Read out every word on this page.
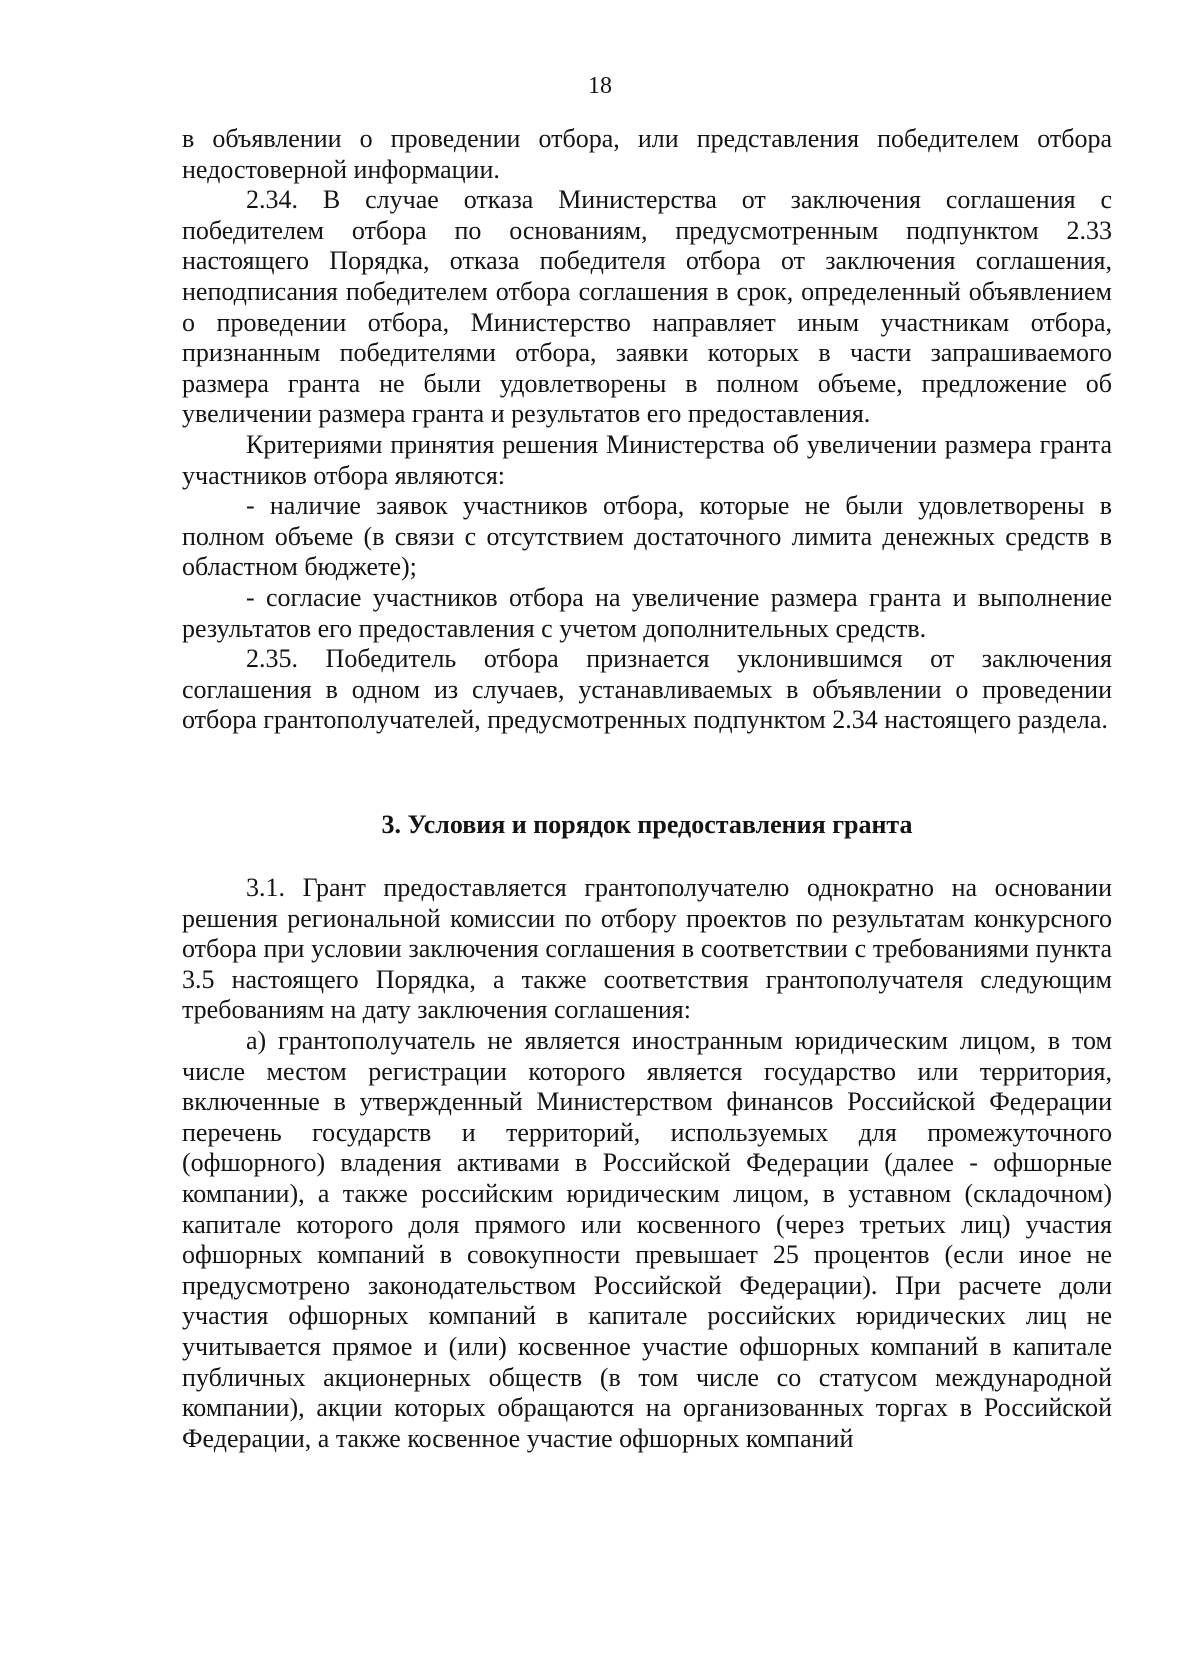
18

в объявлении о проведении отбора, или представления победителем отбора недостоверной информации.

2.34. В случае отказа Министерства от заключения соглашения с победителем отбора по основаниям, предусмотренным подпунктом 2.33 настоящего Порядка, отказа победителя отбора от заключения соглашения, неподписания победителем отбора соглашения в срок, определенный объявлением о проведении отбора, Министерство направляет иным участникам отбора, признанным победителями отбора, заявки которых в части запрашиваемого размера гранта не были удовлетворены в полном объеме, предложение об увеличении размера гранта и результатов его предоставления.

Критериями принятия решения Министерства об увеличении размера гранта участников отбора являются:

- наличие заявок участников отбора, которые не были удовлетворены в полном объеме (в связи с отсутствием достаточного лимита денежных средств в областном бюджете);

- согласие участников отбора на увеличение размера гранта и выполнение результатов его предоставления с учетом дополнительных средств.

2.35. Победитель отбора признается уклонившимся от заключения соглашения в одном из случаев, устанавливаемых в объявлении о проведении отбора грантополучателей, предусмотренных подпунктом 2.34 настоящего раздела.

3. Условия и порядок предоставления гранта

3.1. Грант предоставляется грантополучателю однократно на основании решения региональной комиссии по отбору проектов по результатам конкурсного отбора при условии заключения соглашения в соответствии с требованиями пункта 3.5 настоящего Порядка, а также соответствия грантополучателя следующим требованиям на дату заключения соглашения:

а) грантополучатель не является иностранным юридическим лицом, в том числе местом регистрации которого является государство или территория, включенные в утвержденный Министерством финансов Российской Федерации перечень государств и территорий, используемых для промежуточного (офшорного) владения активами в Российской Федерации (далее - офшорные компании), а также российским юридическим лицом, в уставном (складочном) капитале которого доля прямого или косвенного (через третьих лиц) участия офшорных компаний в совокупности превышает 25 процентов (если иное не предусмотрено законодательством Российской Федерации). При расчете доли участия офшорных компаний в капитале российских юридических лиц не учитывается прямое и (или) косвенное участие офшорных компаний в капитале публичных акционерных обществ (в том числе со статусом международной компании), акции которых обращаются на организованных торгах в Российской Федерации, а также косвенное участие офшорных компаний
